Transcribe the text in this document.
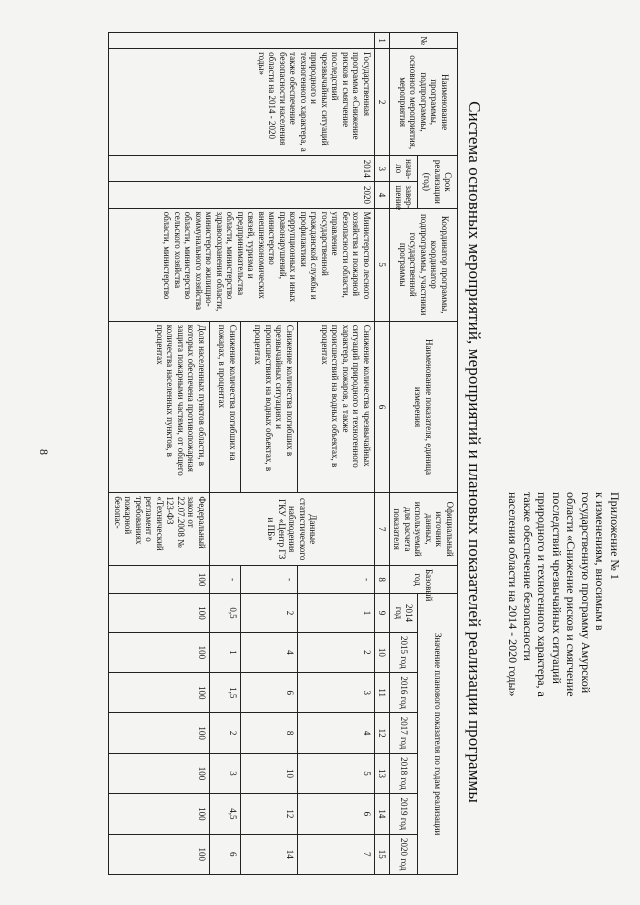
8
Приложение № 1
к изменениям, вносимым в
государственную программу Амурской
области «Снижение рисков и смягчение
последствий чрезвычайных ситуаций
природного и техногенного характера, а
также обеспечение безопасности
населения области на 2014 - 2020 годы»
Система основных мероприятий, мероприятий и плановых показателей реализации программы
№	Наименование программы, подпрограммы, основного мероприятия, мероприятия	Срок реализации (год)		Координатор программы, координатор подпрограммы, участники государственной программы	Наименование показателя, единица измерения	Официальный источник данных, используемый для расчета показателя	Базовый год	Значение планового показателя по годам реализации						
		нача-ло	завер-шение					2014 год	2015 год	2016 год	2017 год	2018 год	2019 год	2020 год
1	2	3	4	5	6	7	8	9	10	11	12	13	14	15
	Государственная программа «Снижение рисков и смягчение последствий чрезвычайных ситуаций природного и техногенного характера, а также обеспечение безопасности населения области на 2014 - 2020 годы»	2014	2020	Министерство лесного хозяйства и пожарной безопасности области, управление государственной гражданской службы и профилактики коррупционных и иных правонарушений, министерство внешнеэкономических связей, туризма и предпринимательства области, министерство здравоохранения области, министерство жилищно-коммунального хозяйства области, министерство сельского хозяйства области, министерство	Снижение количества чрезвычайных ситуаций природного и техногенного характера, пожаров, а также происшествий на водных объектах, в процентах	Данные статистического наблюдения ГКУ «Центр ГЗ и ПБ»	-	1	2	3	4	5	6	7
					Снижение количества погибших в чрезвычайных ситуациях и происшествиях на водных объектах, в процентах		-	2	4	6	8	10	12	14
					Снижение количества погибших на пожарах, в процентах		-	0,5	1	1,5	2	3	4,5	6
					Доля населенных пунктов области, в которых обеспечена противопожарная защита пожарными частями, от общего количества населенных пунктов, в процентах	Федеральный закон от 22.07.2008 № 123-ФЗ «Технический регламент о требованиях пожарной безопас-	100	100	100	100	100	100	100	100
